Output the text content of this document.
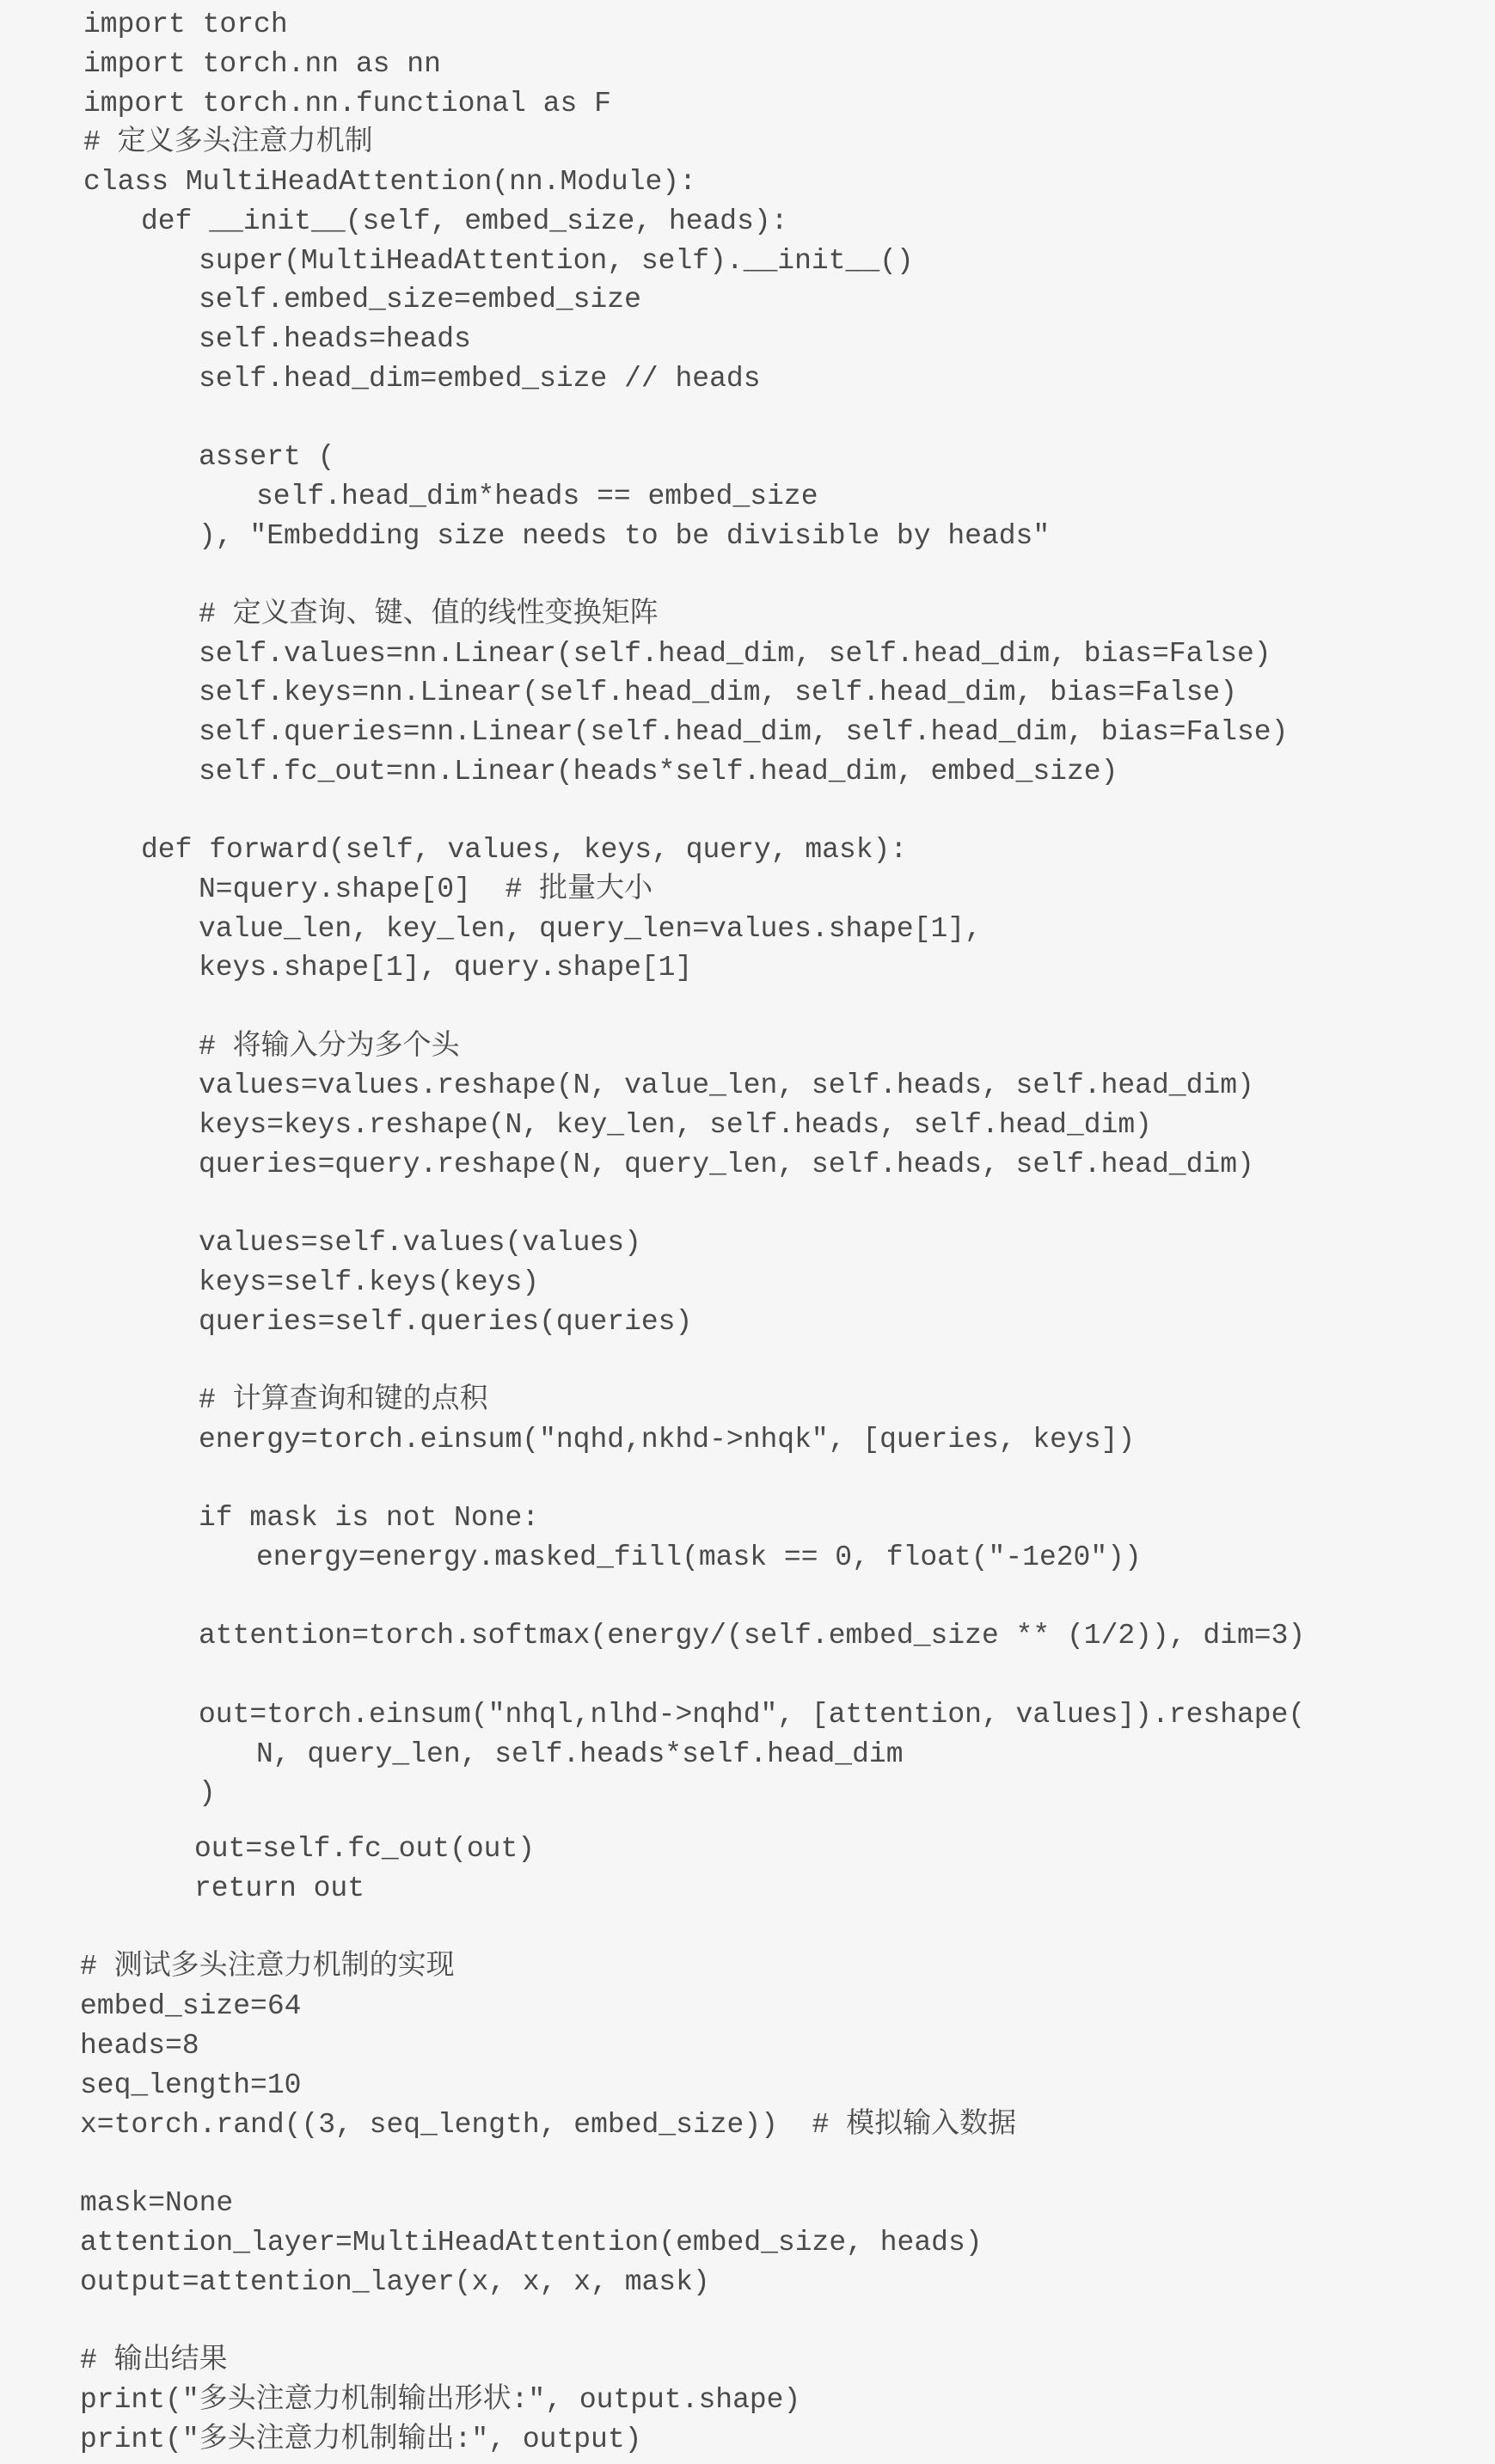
import torch
import torch.nn as nn
import torch.nn.functional as F
# 定义多头注意力机制
class MultiHeadAttention(nn.Module):
def __init__(self, embed_size, heads):
super(MultiHeadAttention, self).__init__()
self.embed_size=embed_size
self.heads=heads
self.head_dim=embed_size // heads
assert (
self.head_dim*heads == embed_size
), "Embedding size needs to be divisible by heads"
# 定义查询、键、值的线性变换矩阵
self.values=nn.Linear(self.head_dim, self.head_dim, bias=False)
self.keys=nn.Linear(self.head_dim, self.head_dim, bias=False)
self.queries=nn.Linear(self.head_dim, self.head_dim, bias=False)
self.fc_out=nn.Linear(heads*self.head_dim, embed_size)
def forward(self, values, keys, query, mask):
N=query.shape[0]  # 批量大小
value_len, key_len, query_len=values.shape[1],
keys.shape[1], query.shape[1]
# 将输入分为多个头
values=values.reshape(N, value_len, self.heads, self.head_dim)
keys=keys.reshape(N, key_len, self.heads, self.head_dim)
queries=query.reshape(N, query_len, self.heads, self.head_dim)
values=self.values(values)
keys=self.keys(keys)
queries=self.queries(queries)
# 计算查询和键的点积
energy=torch.einsum("nqhd,nkhd->nhqk", [queries, keys])
if mask is not None:
energy=energy.masked_fill(mask == 0, float("-1e20"))
attention=torch.softmax(energy/(self.embed_size ** (1/2)), dim=3)
out=torch.einsum("nhql,nlhd->nqhd", [attention, values]).reshape(
N, query_len, self.heads*self.head_dim
)
out=self.fc_out(out)
return out
# 测试多头注意力机制的实现
embed_size=64
heads=8
seq_length=10
x=torch.rand((3, seq_length, embed_size))  # 模拟输入数据
mask=None
attention_layer=MultiHeadAttention(embed_size, heads)
output=attention_layer(x, x, x, mask)
# 输出结果
print("多头注意力机制输出形状:", output.shape)
print("多头注意力机制输出:", output)
